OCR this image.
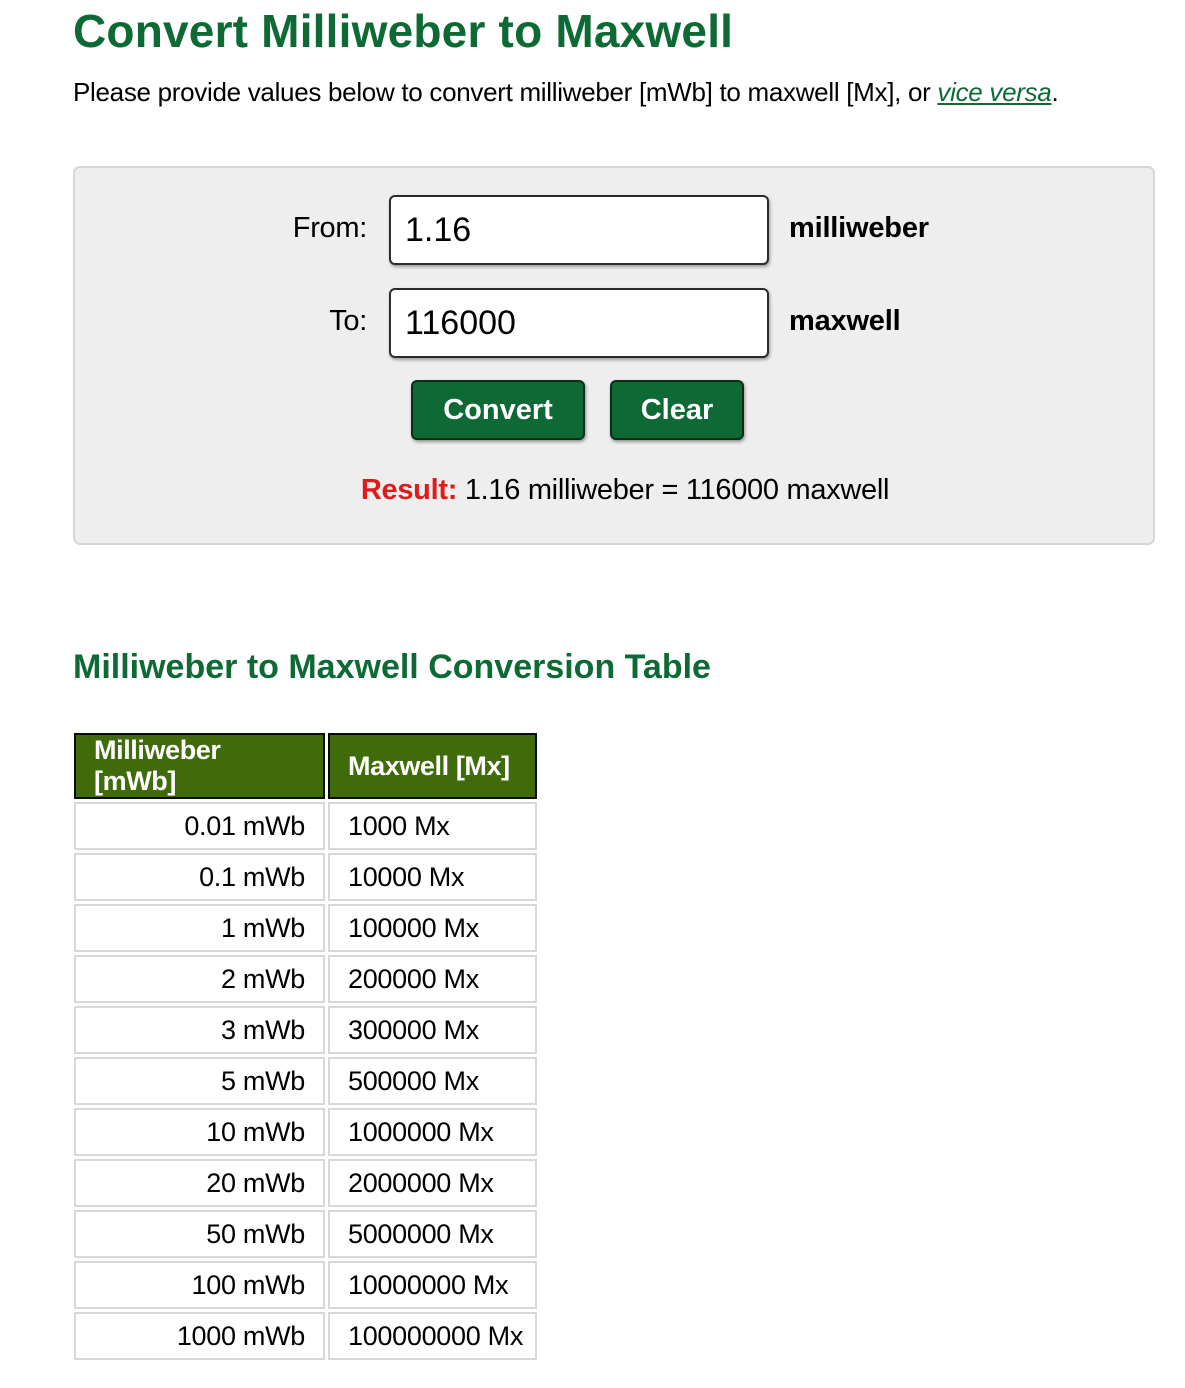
Convert Milliweber to Maxwell

Please provide values below to convert milliweber [mWb] to maxwell [Mx], or vice versa.

From:
1.16	milliweber
To:
116000	maxwell
Convert	Clear
Result: 1.16 milliweber = 116000 maxwell
Milliweber to Maxwell Conversion Table
Milliweber [mWb]	Maxwell [Mx]
0.01 mWb	1000 Mx
0.1 mWb	10000 Mx
1 mWb	100000 Mx
2 mWb	200000 Mx
3 mWb	300000 Mx
5 mWb	500000 Mx
10 mWb	1000000 Mx
20 mWb	2000000 Mx
50 mWb	5000000 Mx
100 mWb	10000000 Mx
1000 mWb	100000000 Mx
